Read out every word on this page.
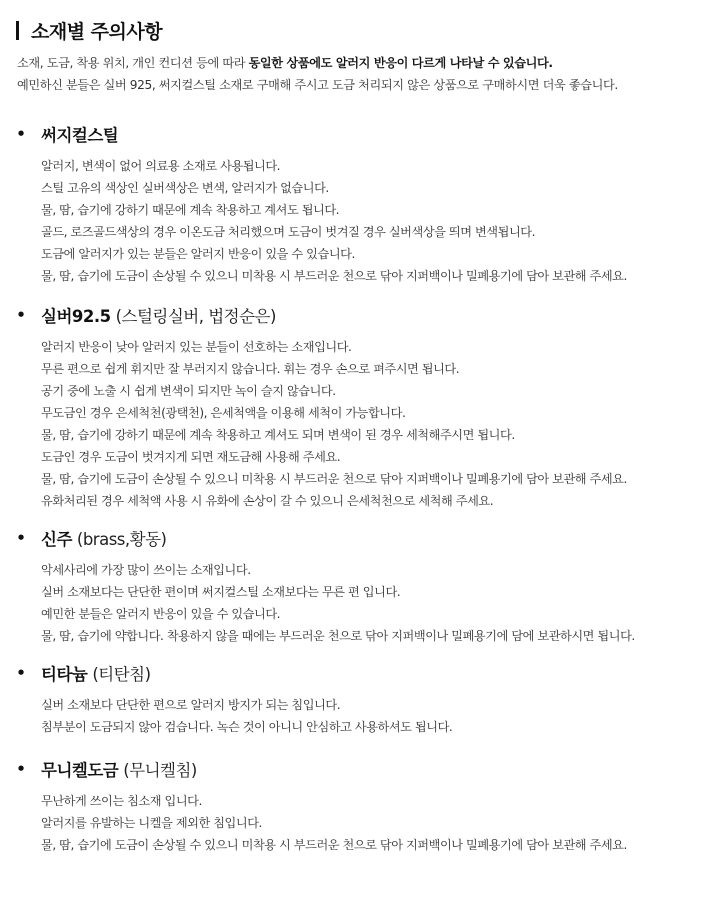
소재별 주의사항

소재, 도금, 착용 위치, 개인 컨디션 등에 따라 동일한 상품에도 알러지 반응이 다르게 나타날 수 있습니다.

예민하신 분들은 실버 925, 써지컬스틸 소재로 구매해 주시고 도금 처리되지 않은 상품으로 구매하시면 더욱 좋습니다.

• 써지컬스틸
알러지, 변색이 없어 의료용 소재로 사용됩니다.
스틸 고유의 색상인 실버색상은 변색, 알러지가 없습니다.
물, 땀, 습기에 강하기 때문에 계속 착용하고 계셔도 됩니다.
골드, 로즈골드색상의 경우 이온도금 처리했으며 도금이 벗겨질 경우 실버색상을 띄며 변색됩니다.
도금에 알러지가 있는 분들은 알러지 반응이 있을 수 있습니다.
물, 땀, 습기에 도금이 손상될 수 있으니 미착용 시 부드러운 천으로 닦아 지퍼백이나 밀폐용기에 담아 보관해 주세요.
• 실버92.5 (스털링실버, 법정순은)
알러지 반응이 낮아 알러지 있는 분들이 선호하는 소재입니다.
무른 편으로 쉽게 휘지만 잘 부러지지 않습니다. 휘는 경우 손으로 펴주시면 됩니다.
공기 중에 노출 시 쉽게 변색이 되지만 녹이 슬지 않습니다.
무도금인 경우 은세척천(광택천), 은세척액을 이용해 세척이 가능합니다.
물, 땀, 습기에 강하기 때문에 계속 착용하고 계셔도 되며 변색이 된 경우 세척해주시면 됩니다.
도금인 경우 도금이 벗겨지게 되면 재도금해 사용해 주세요.
물, 땀, 습기에 도금이 손상될 수 있으니 미착용 시 부드러운 천으로 닦아 지퍼백이나 밀폐용기에 담아 보관해 주세요.
유화처리된 경우 세척액 사용 시 유화에 손상이 갈 수 있으니 은세척천으로 세척해 주세요.
• 신주 (brass,황동)
악세사리에 가장 많이 쓰이는 소재입니다.
실버 소재보다는 단단한 편이며 써지컬스틸 소재보다는 무른 편 입니다.
예민한 분들은 알러지 반응이 있을 수 있습니다.
물, 땀, 습기에 약합니다. 착용하지 않을 때에는 부드러운 천으로 닦아 지퍼백이나 밀폐용기에 담에 보관하시면 됩니다.
• 티타늄 (티탄침)
실버 소재보다 단단한 편으로 알러지 방지가 되는 침입니다.
침부분이 도금되지 않아 검습니다. 녹슨 것이 아니니 안심하고 사용하셔도 됩니다.
• 무니켈도금 (무니켈침)
무난하게 쓰이는 침소재 입니다.
알러지를 유발하는 니켈을 제외한 침입니다.
물, 땀, 습기에 도금이 손상될 수 있으니 미착용 시 부드러운 천으로 닦아 지퍼백이나 밀폐용기에 담아 보관해 주세요.
